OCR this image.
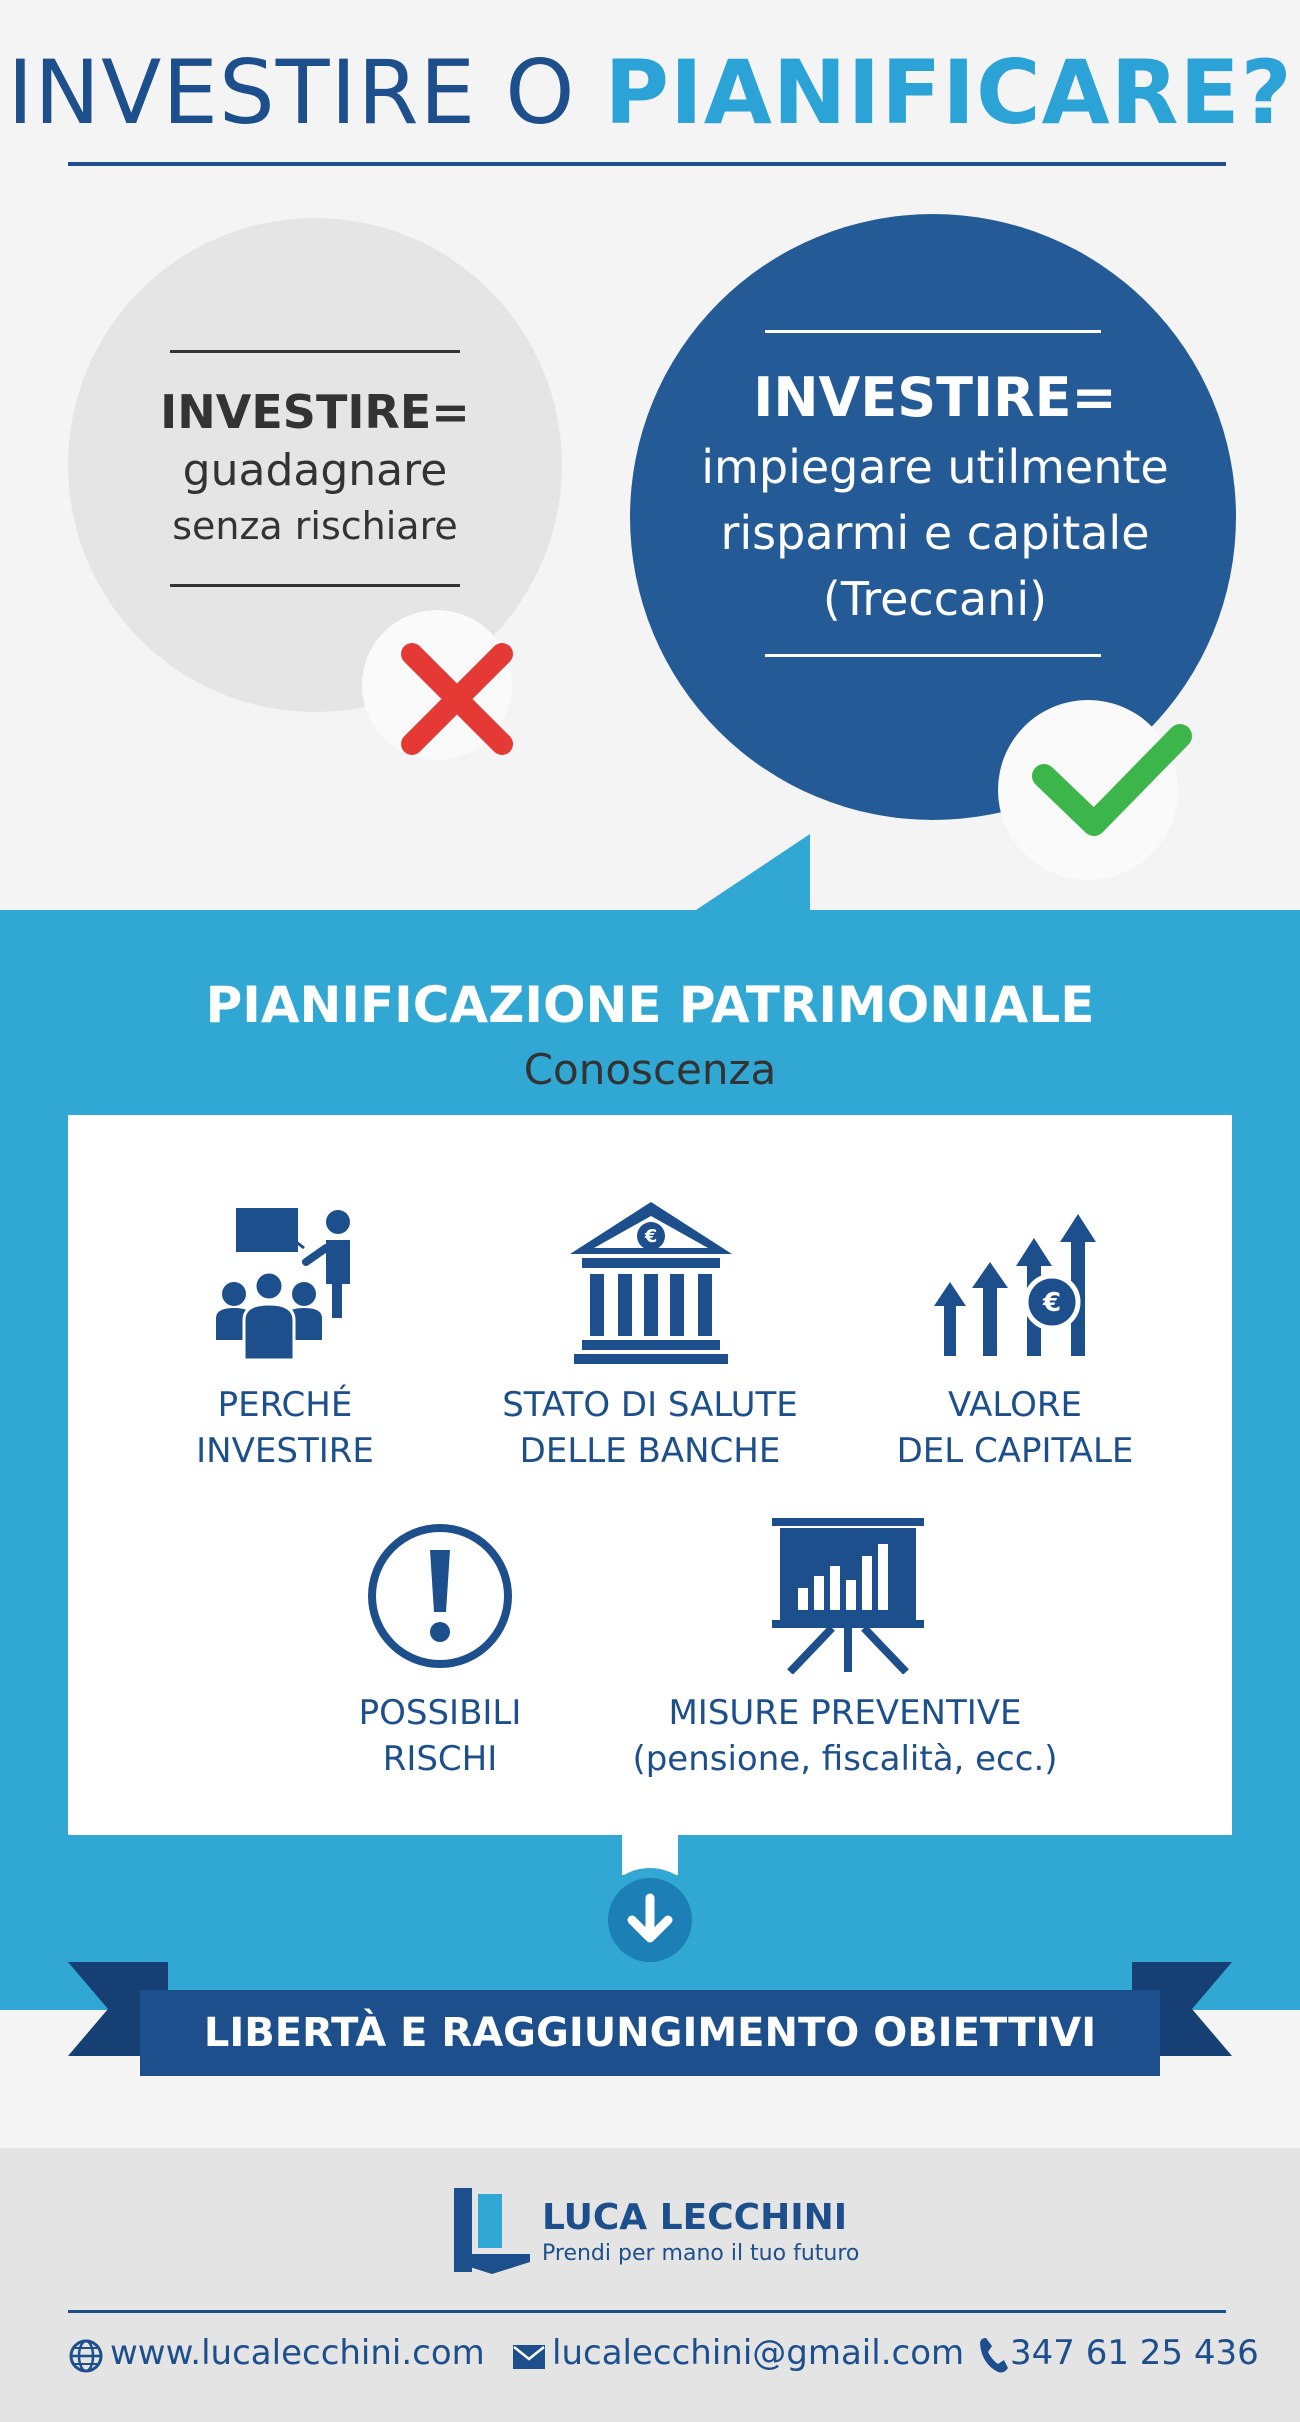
INVESTIRE O PIANIFICARE?
INVESTIRE=
guadagnare
senza rischiare
INVESTIRE=
impiegare utilmente
risparmi e capitale
(Treccani)
PIANIFICAZIONE PATRIMONIALE
Conoscenza
PERCHÉ
INVESTIRE
€
STATO DI SALUTE
DELLE BANCHE
€
VALORE
DEL CAPITALE
POSSIBILI
RISCHI
MISURE PREVENTIVE
(pensione, fiscalità, ecc.)
LIBERTÀ E RAGGIUNGIMENTO OBIETTIVI
LUCA LECCHINI
Prendi per mano il tuo futuro
www.lucalecchini.com lucalecchini@gmail.com 347 61 25 436
